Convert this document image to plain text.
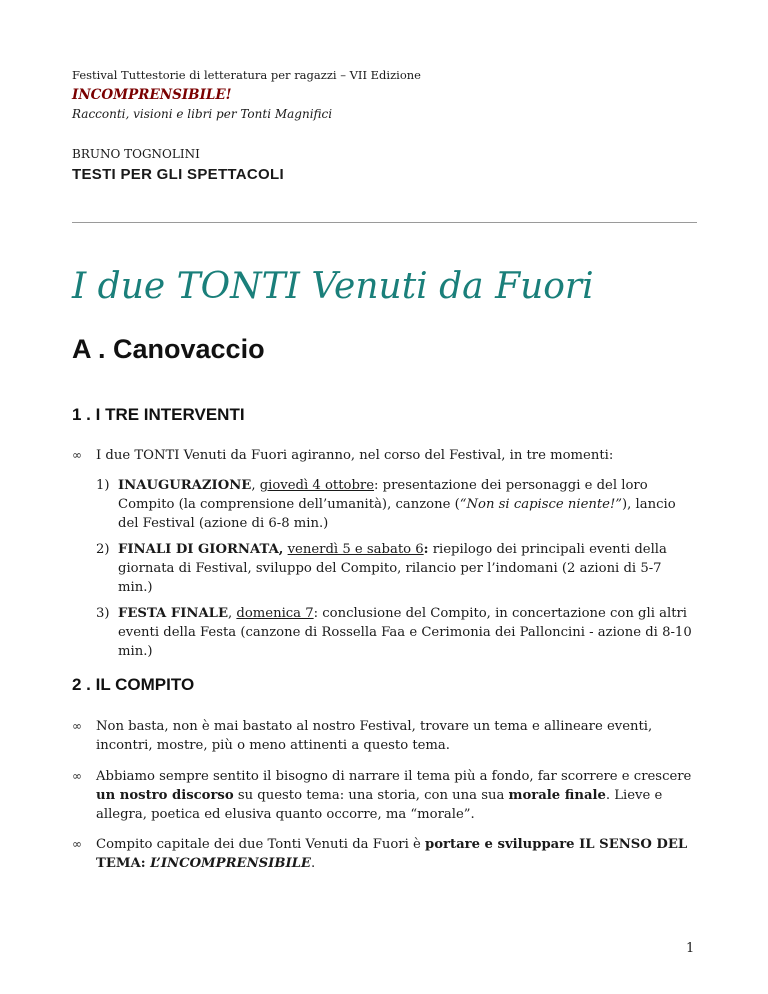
Festival Tuttestorie di letteratura per ragazzi – VII Edizione
INCOMPRENSIBILE!
Racconti, visioni e libri per Tonti Magnifici
BRUNO TOGNOLINI
TESTI PER GLI SPETTACOLI
I due TONTI Venuti da Fuori
A . Canovaccio
1 . I TRE INTERVENTI
∞ I due TONTI Venuti da Fuori agiranno, nel corso del Festival, in tre momenti:
1) INAUGURAZIONE, giovedì 4 ottobre: presentazione dei personaggi e del loro Compito (la comprensione dell’umanità), canzone (“Non si capisce niente!”), lancio del Festival (azione di 6-8 min.)
2) FINALI DI GIORNATA, venerdì 5 e sabato 6: riepilogo dei principali eventi della giornata di Festival, sviluppo del Compito, rilancio per l’indomani (2 azioni di 5-7 min.)
3) FESTA FINALE, domenica 7: conclusione del Compito, in concertazione con gli altri eventi della Festa (canzone di Rossella Faa e Cerimonia dei Palloncini - azione di 8-10 min.)
2 . IL COMPITO
∞ Non basta, non è mai bastato al nostro Festival, trovare un tema e allineare eventi, incontri, mostre, più o meno attinenti a questo tema.
∞ Abbiamo sempre sentito il bisogno di narrare il tema più a fondo, far scorrere e crescere un nostro discorso su questo tema: una storia, con una sua morale finale. Lieve e allegra, poetica ed elusiva quanto occorre, ma “morale”.
∞ Compito capitale dei due Tonti Venuti da Fuori è portare e sviluppare IL SENSO DEL TEMA: L’INCOMPRENSIBILE.
1
